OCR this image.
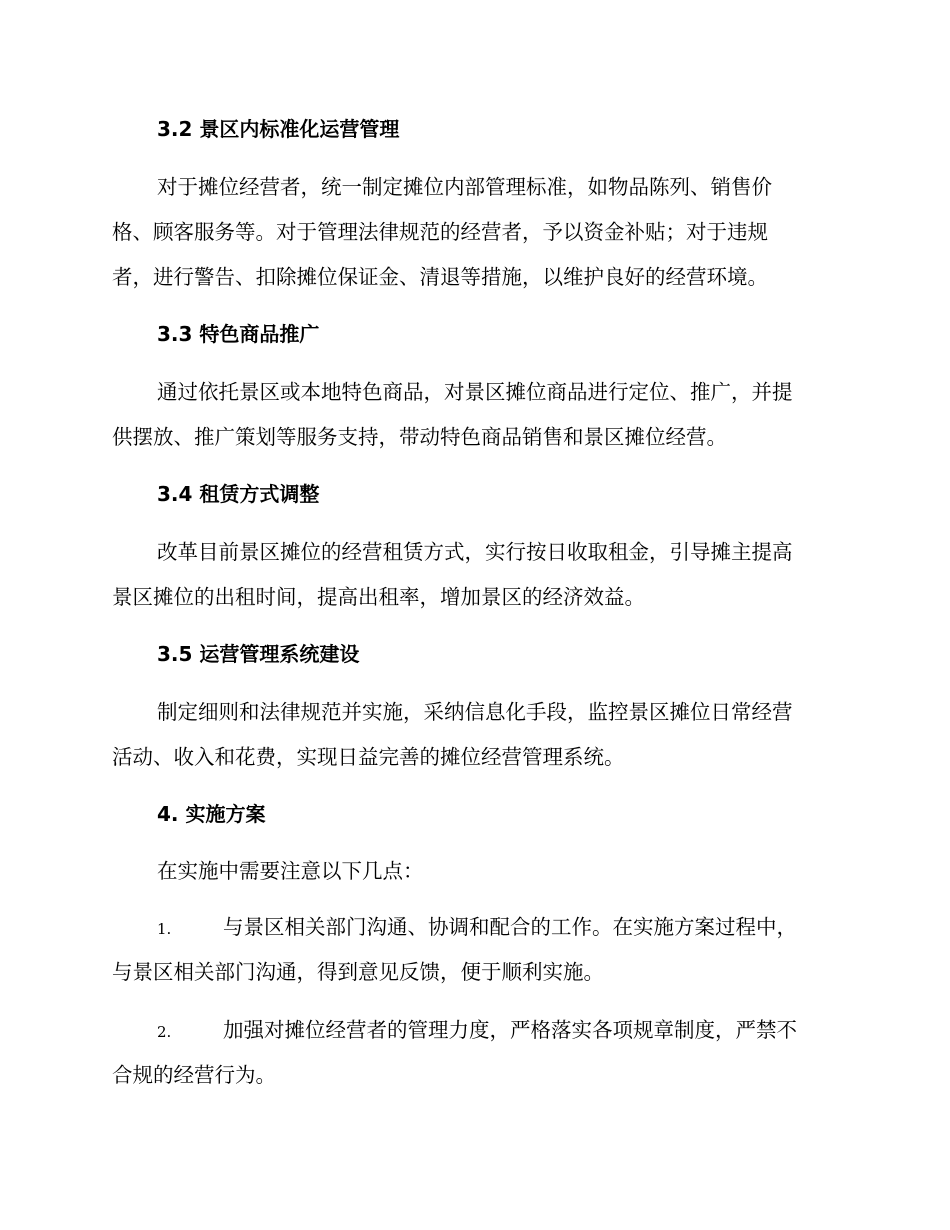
3.2 景区内标准化运营管理
对于摊位经营者，统一制定摊位内部管理标准，如物品陈列、销售价
格、顾客服务等。对于管理法律规范的经营者，予以资金补贴；对于违规
者，进行警告、扣除摊位保证金、清退等措施，以维护良好的经营环境。
3.3 特色商品推广
通过依托景区或本地特色商品，对景区摊位商品进行定位、推广，并提
供摆放、推广策划等服务支持，带动特色商品销售和景区摊位经营。
3.4 租赁方式调整
改革目前景区摊位的经营租赁方式，实行按日收取租金，引导摊主提高
景区摊位的出租时间，提高出租率，增加景区的经济效益。
3.5 运营管理系统建设
制定细则和法律规范并实施，采纳信息化手段，监控景区摊位日常经营
活动、收入和花费，实现日益完善的摊位经营管理系统。
4. 实施方案
在实施中需要注意以下几点：
1.	与景区相关部门沟通、协调和配合的工作。在实施方案过程中，
与景区相关部门沟通，得到意见反馈，便于顺利实施。
2.	加强对摊位经营者的管理力度，严格落实各项规章制度，严禁不
合规的经营行为。
